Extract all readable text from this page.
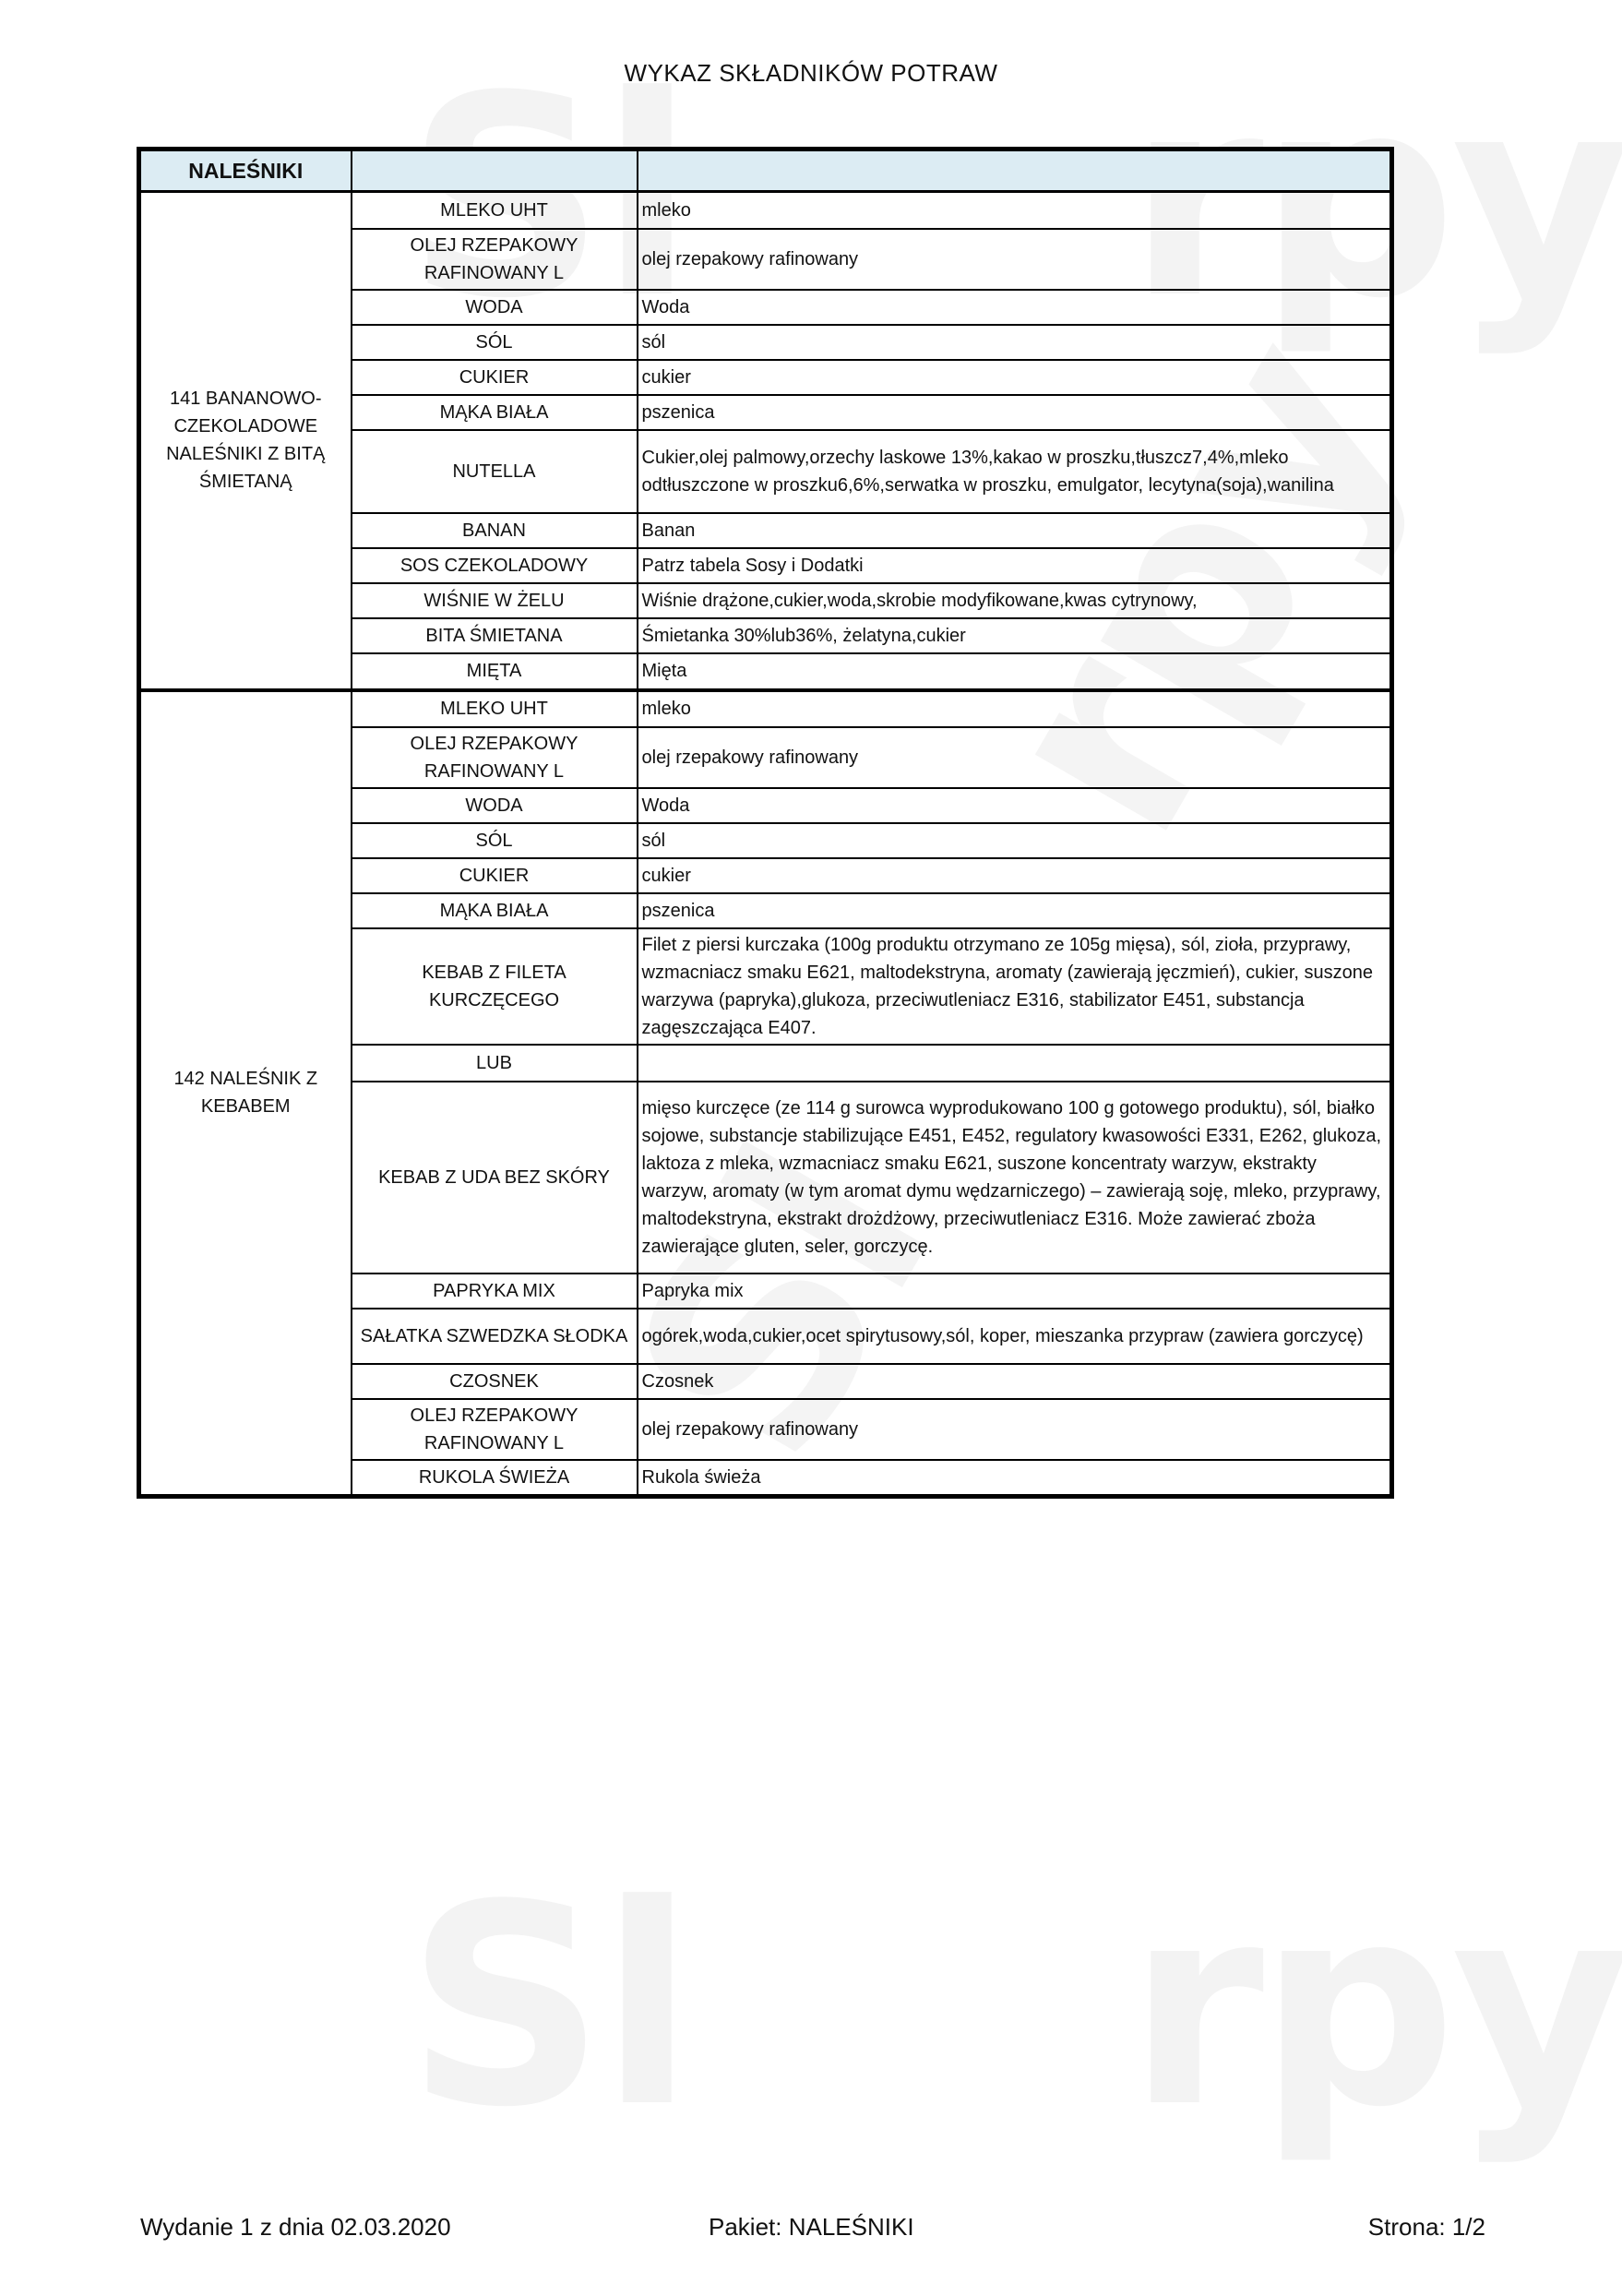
WYKAZ SKŁADNIKÓW POTRAW
NALEŚNIKI		
141 BANANOWO-CZEKOLADOWE NALEŚNIKI Z BITĄ ŚMIETANĄ	MLEKO UHT	mleko
	OLEJ RZEPAKOWY RAFINOWANY L	olej rzepakowy rafinowany
	WODA	Woda
	SÓL	sól
	CUKIER	cukier
	MĄKA BIAŁA	pszenica
	NUTELLA	Cukier,olej palmowy,orzechy laskowe 13%,kakao w proszku,tłuszcz7,4%,mleko odtłuszczone w proszku6,6%,serwatka w proszku, emulgator, lecytyna(soja),wanilina
	BANAN	Banan
	SOS CZEKOLADOWY	Patrz tabela Sosy i Dodatki
	WIŚNIE W ŻELU	Wiśnie drążone,cukier,woda,skrobie modyfikowane,kwas cytrynowy,
	BITA ŚMIETANA	Śmietanka 30%lub36%, żelatyna,cukier
	MIĘTA	Mięta
142 NALEŚNIK Z KEBABEM	MLEKO UHT	mleko
	OLEJ RZEPAKOWY RAFINOWANY L	olej rzepakowy rafinowany
	WODA	Woda
	SÓL	sól
	CUKIER	cukier
	MĄKA BIAŁA	pszenica
	KEBAB Z FILETA KURCZĘCEGO	Filet z piersi kurczaka (100g produktu otrzymano ze 105g mięsa), sól, zioła, przyprawy, wzmacniacz smaku E621, maltodekstryna, aromaty (zawierają jęczmień), cukier, suszone warzywa (papryka),glukoza, przeciwutleniacz E316, stabilizator E451, substancja zagęszczająca E407.
	LUB	
	KEBAB Z UDA BEZ SKÓRY	mięso kurczęce (ze 114 g surowca wyprodukowano 100 g gotowego produktu), sól, białko sojowe, substancje stabilizujące E451, E452, regulatory kwasowości E331, E262, glukoza, laktoza z mleka, wzmacniacz smaku E621, suszone koncentraty warzyw, ekstrakty warzyw, aromaty (w tym aromat dymu wędzarniczego) – zawierają soję, mleko, przyprawy, maltodekstryna, ekstrakt drożdżowy, przeciwutleniacz E316. Może zawierać zboża zawierające gluten, seler, gorczycę.
	PAPRYKA MIX	Papryka mix
	SAŁATKA SZWEDZKA SŁODKA	ogórek,woda,cukier,ocet spirytusowy,sól, koper, mieszanka przypraw (zawiera gorczycę)
	CZOSNEK	Czosnek
	OLEJ RZEPAKOWY RAFINOWANY L	olej rzepakowy rafinowany
	RUKOLA ŚWIEŻA	Rukola świeża
Wydanie 1 z dnia 02.03.2020	Pakiet: NALEŚNIKI	Strona: 1/2
